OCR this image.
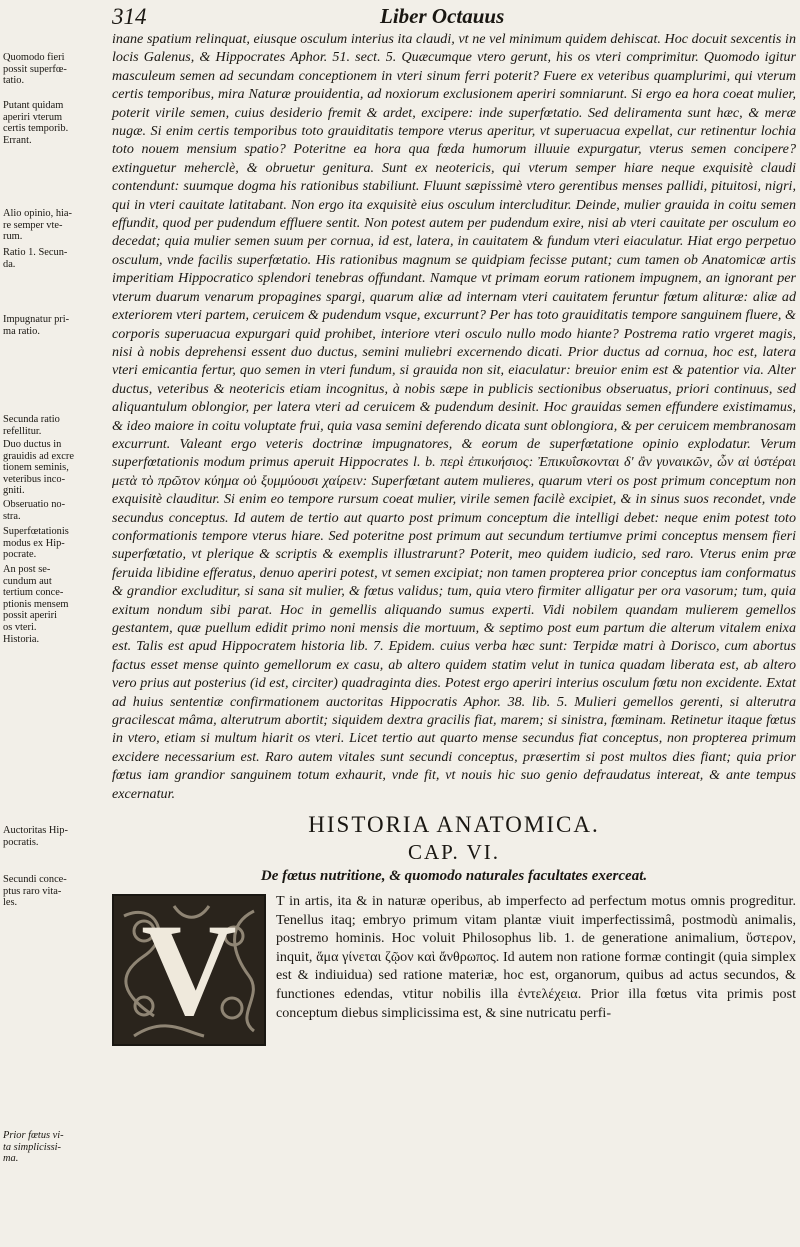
314	Liber Octauus
Quomodo fieri
possit superfœ-
tatio.
Putant quidam
aperiri vterum
certis temporib.
Errant.
Alio opinio, hia-
re semper vte-
rum.
Ratio 1. Secun-
da.
Impugnatur pri-
ma ratio.
Secunda ratio
refellitur.
Duo ductus in
grauidis ad excre
tionem seminis,
veteribus inco-
gniti.
Obseruatio no-
stra.
Superfœtationis
modus ex Hip-
pocrate.
An post se-
cundum aut
tertium conce-
ptionis mensem
possit aperiri
os vteri.
Historia.
Auctoritas Hip-
pocratis.
Secundi conce-
ptus raro vita-
les.
Prior fœtus vi-
ta simplicissi-
ma.

inane spatium relinquat, eiusque osculum interius ita claudi, vt ne vel minimum quidem dehiscat. Hoc docuit sexcentis in locis Galenus, & Hippocrates Aphor. 51. sect. 5. Quæcumque vtero gerunt, his os vteri comprimitur. Quomodo igitur masculeum semen ad secundam conceptionem in vteri sinum ferri poterit? Fuere ex veteribus quamplurimi, qui vterum certis temporibus, mira Naturæ prouidentia, ad noxiorum exclusionem aperiri somniarunt. Si ergo ea hora coeat mulier, poterit virile semen, cuius desiderio fremit & ardet, excipere: inde superfœtatio. Sed deliramenta sunt hæc, & meræ nugæ. Si enim certis temporibus toto grauiditatis tempore vterus aperitur, vt superuacua expellat, cur retinentur lochia toto nouem mensium spatio? Poteritne ea hora qua fœda humorum illuuie expurgatur, vterus semen concipere? extinguetur meherclè, & obruetur genitura. Sunt ex neotericis, qui vterum semper hiare neque exquisitè claudi contendunt: suumque dogma his rationibus stabiliunt. Fluunt sæpissimè vtero gerentibus menses pallidi, pituitosi, nigri, qui in vteri cauitate latitabant. Non ergo ita exquisitè eius osculum intercluditur. Deinde, mulier grauida in coitu semen effundit, quod per pudendum effluere sentit. Non potest autem per pudendum exire, nisi ab vteri cauitate per osculum eo decedat; quia mulier semen suum per cornua, id est, latera, in cauitatem & fundum vteri eiaculatur. Hiat ergo perpetuo osculum, vnde facilis superfœtatio. His rationibus magnum se quidpiam fecisse putant; cum tamen ob Anatomicæ artis imperitiam Hippocratico splendori tenebras offundant. Namque vt primam eorum rationem impugnem, an ignorant per vterum duarum venarum propagines spargi, quarum aliæ ad internam vteri cauitatem feruntur fœtum alituræ: aliæ ad exteriorem vteri partem, ceruicem & pudendum vsque, excurrunt? Per has toto grauiditatis tempore sanguinem fluere, & corporis superuacua expurgari quid prohibet, interiore vteri osculo nullo modo hiante? Postrema ratio vrgeret magis, nisi à nobis deprehensi essent duo ductus, semini muliebri excernendo dicati. Prior ductus ad cornua, hoc est, latera vteri emicantia fertur, quo semen in vteri fundum, si grauida non sit, eiaculatur: breuior enim est & patentior via. Alter ductus, veteribus & neotericis etiam incognitus, à nobis sæpe in publicis sectionibus obseruatus, priori continuus, sed aliquantulum oblongior, per latera vteri ad ceruicem & pudendum desinit. Hoc grauidas semen effundere existimamus, & ideo maiore in coitu voluptate frui, quia vasa semini deferendo dicata sunt oblongiora, & per ceruicem membranosam excurrunt. Valeant ergo veteris doctrinæ impugnatores, & eorum de superfœtatione opinio explodatur. Verum superfœtationis modum primus aperuit Hippocrates l. b. περὶ ἐπικυήσιος: Ἐπικυΐσκονται δ' ἂν γυναικῶν, ὧν αἱ ὑστέραι μετὰ τὸ πρῶτον κύημα οὐ ξυμμύουσι χαίρειν: Superfœtant autem mulieres, quarum vteri os post primum conceptum non exquisitè clauditur. Si enim eo tempore rursum coeat mulier, virile semen facilè excipiet, & in sinus suos recondet, vnde secundus conceptus. Id autem de tertio aut quarto post primum conceptum die intelligi debet: neque enim potest toto conformationis tempore vterus hiare. Sed poteritne post primum aut secundum tertiumve primi conceptus mensem fieri superfœtatio, vt plerique & scriptis & exemplis illustrarunt? Poterit, meo quidem iudicio, sed raro. Vterus enim præ feruida libidine efferatus, denuo aperiri potest, vt semen excipiat; non tamen propterea prior conceptus iam conformatus & grandior excluditur, si sana sit mulier, & fœtus validus; tum, quia vtero firmiter alligatur per ora vasorum; tum, quia exitum nondum sibi parat. Hoc in gemellis aliquando sumus experti. Vidi nobilem quandam mulierem gemellos gestantem, quæ puellum edidit primo noni mensis die mortuum, & septimo post eum partum die alterum vitalem enixa est. Talis est apud Hippocratem historia lib. 7. Epidem. cuius verba hæc sunt: Terpidæ matri à Dorisco, cum abortus factus esset mense quinto gemellorum ex casu, ab altero quidem statim velut in tunica quadam liberata est, ab altero vero prius aut posterius (id est, circiter) quadraginta dies. Potest ergo aperiri interius osculum fœtu non excidente. Extat ad huius sententiæ confirmationem auctoritas Hippocratis Aphor. 38. lib. 5. Mulieri gemellos gerenti, si alterutra gracilescat mâma, alterutrum abortit; siquidem dextra gracilis fiat, marem; si sinistra, fœminam. Retinetur itaque fœtus in vtero, etiam si multum hiarit os vteri. Licet tertio aut quarto mense secundus fiat conceptus, non propterea primum excidere necessarium est. Raro autem vitales sunt secundi conceptus, præsertim si post multos dies fiant; quia prior fœtus iam grandior sanguinem totum exhaurit, vnde fit, vt nouis hic suo genio defraudatus intereat, & ante tempus excernatur.

HISTORIA ANATOMICA.
CAP. VI.
De fœtus nutritione, & quomodo naturales facultates exerceat.
V	T in artis, ita & in naturæ operibus, ab imperfecto ad perfectum motus omnis progreditur. Tenellus itaq; embryo primum vitam plantæ viuit imperfectissimâ, postmodù animalis, postremo hominis. Hoc voluit Philosophus lib. 1. de generatione animalium, ὕστερον, inquit, ἅμα γίνεται ζῷον καὶ ἄνθρωπος. Id autem non ratione formæ contingit (quia simplex est & indiuidua) sed ratione materiæ, hoc est, organorum, quibus ad actus secundos, & functiones edendas, vtitur nobilis illa ἐντελέχεια. Prior illa fœtus vita primis post conceptum diebus simplicissima est, & sine nutricatu perfi-
